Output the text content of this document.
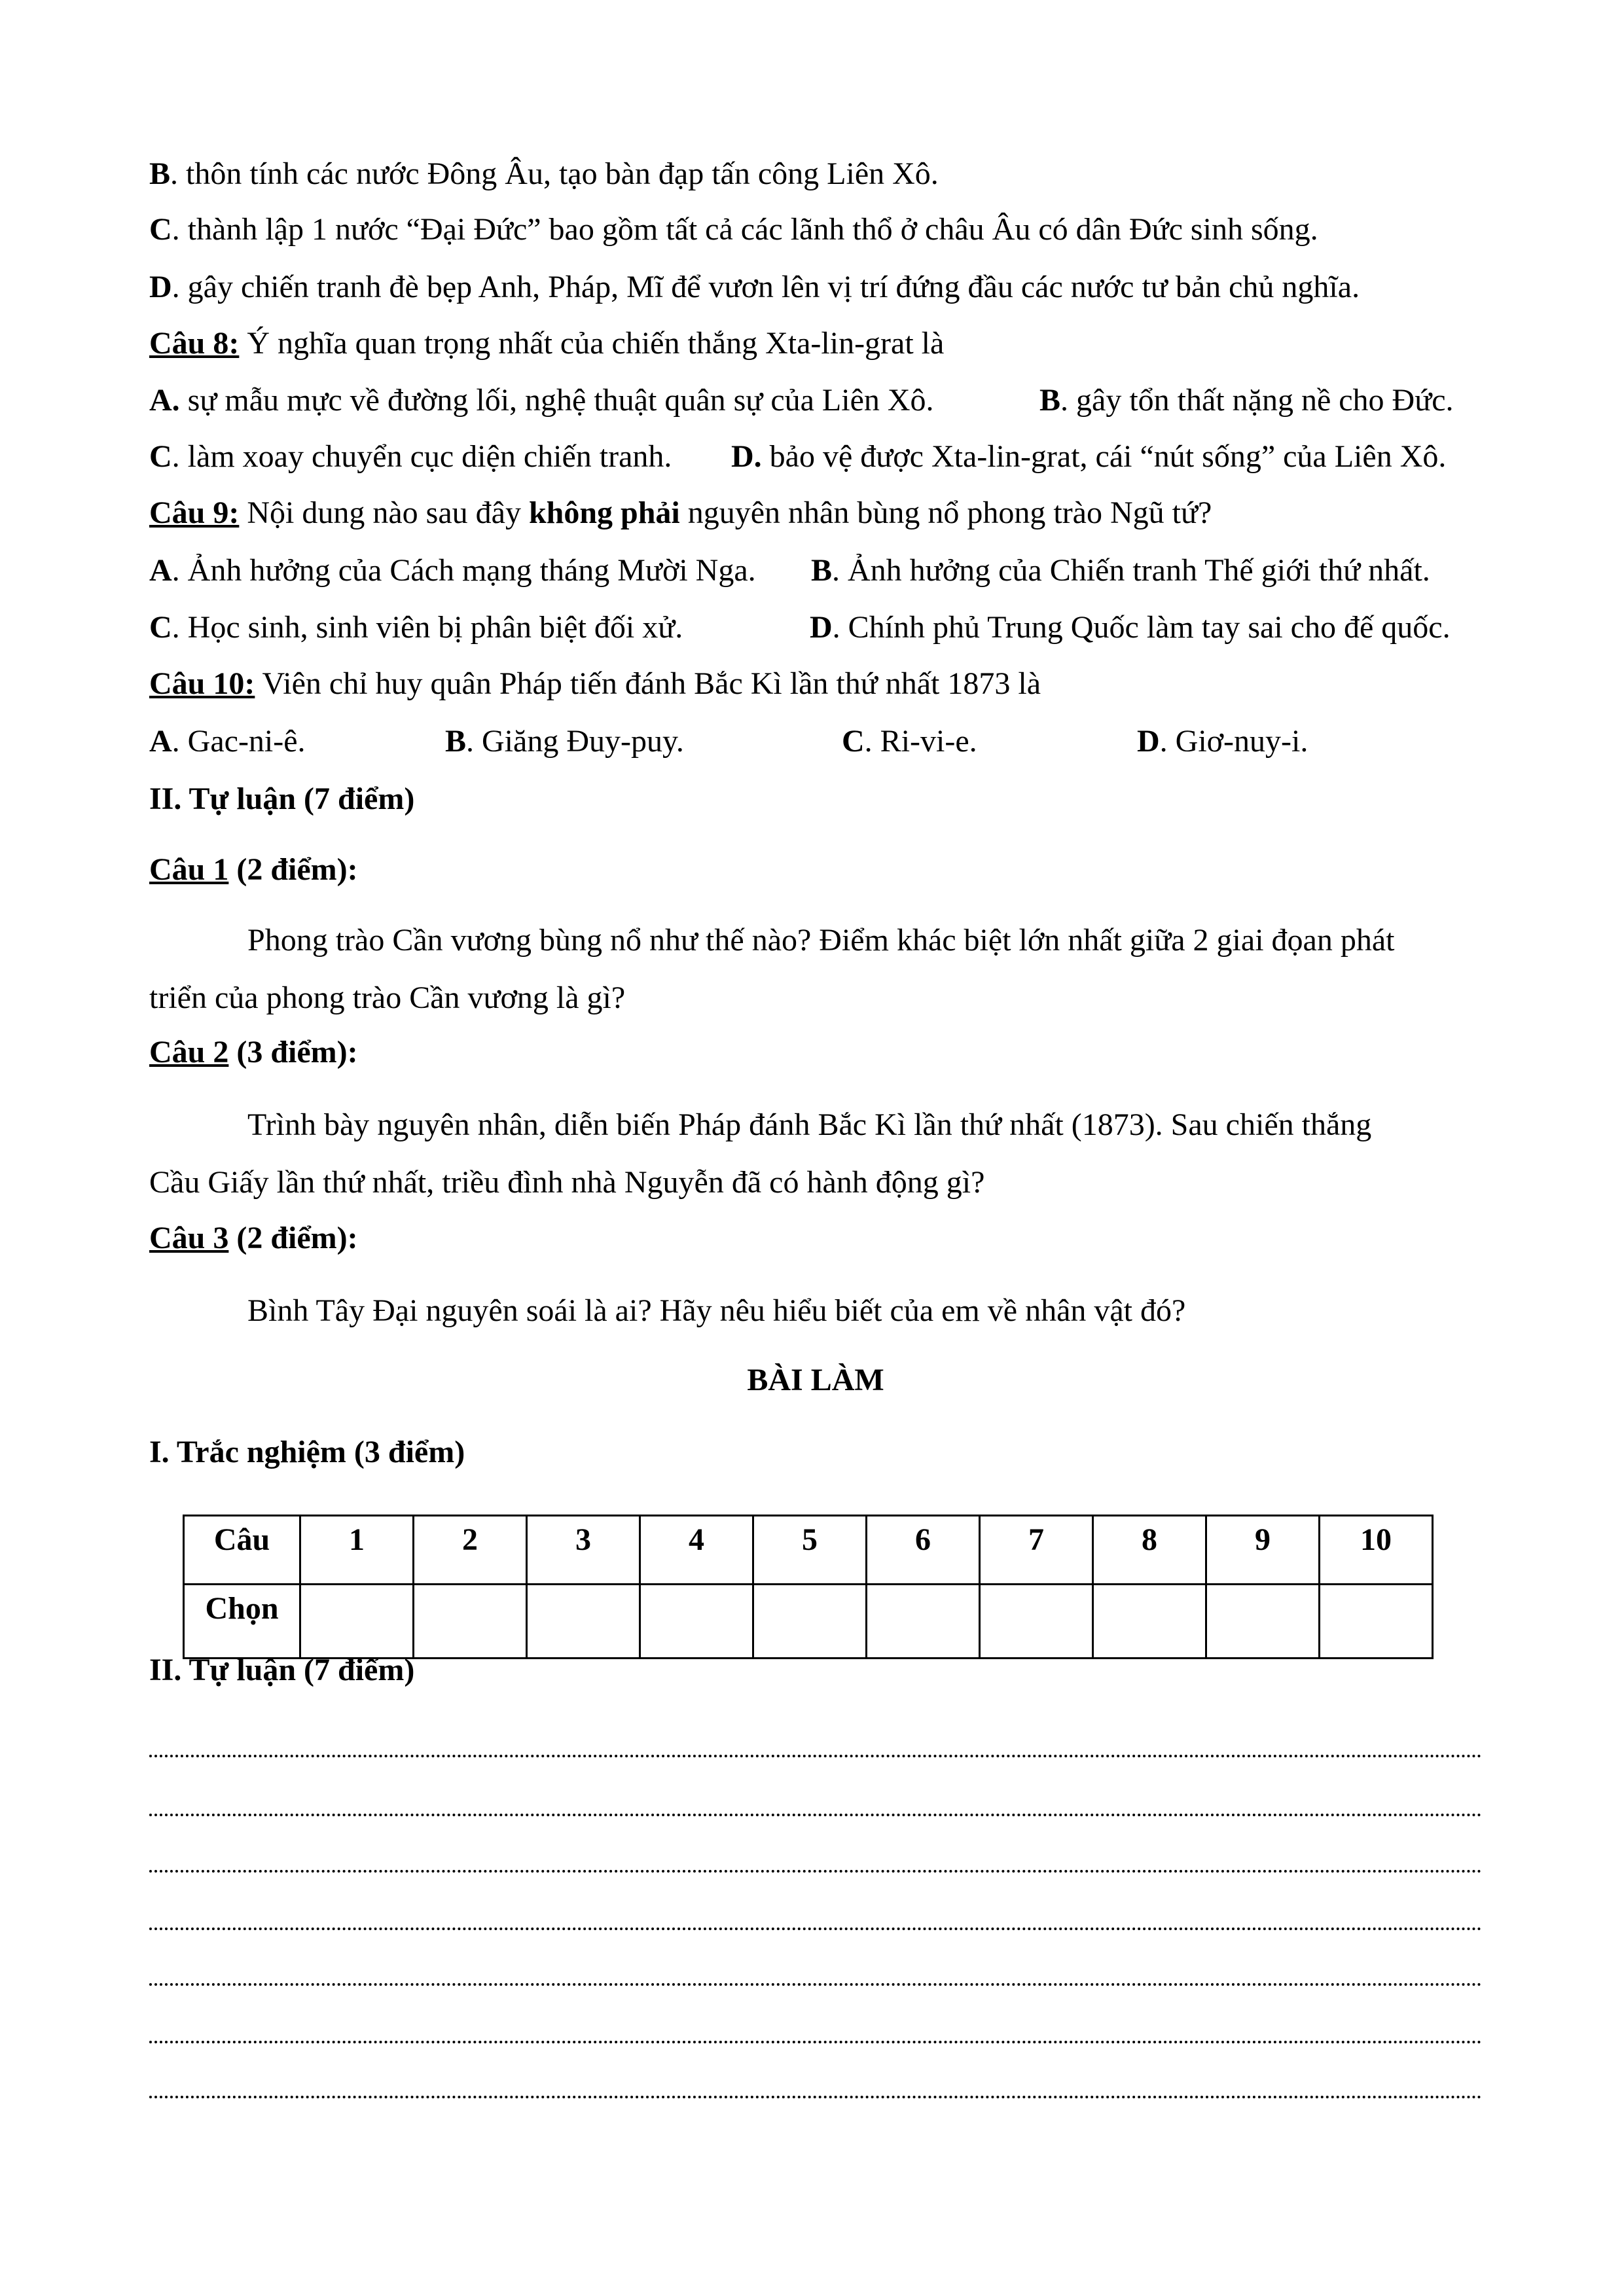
B. thôn tính các nước Đông Âu, tạo bàn đạp tấn công Liên Xô.
C. thành lập 1 nước “Đại Đức” bao gồm tất cả các lãnh thổ ở châu Âu có dân Đức sinh sống.
D. gây chiến tranh đè bẹp Anh, Pháp, Mĩ để vươn lên vị trí đứng đầu các nước tư bản chủ nghĩa.
Câu 8: Ý nghĩa quan trọng nhất của chiến thắng Xta-lin-grat là
A. sự mẫu mực về đường lối, nghệ thuật quân sự của Liên Xô.	B. gây tổn thất nặng nề cho Đức.
C. làm xoay chuyển cục diện chiến tranh. D. bảo vệ được Xta-lin-grat, cái “nút sống” của Liên Xô.
Câu 9: Nội dung nào sau đây không phải nguyên nhân bùng nổ phong trào Ngũ tứ?
A. Ảnh hưởng của Cách mạng tháng Mười Nga. B. Ảnh hưởng của Chiến tranh Thế giới thứ nhất.
C. Học sinh, sinh viên bị phân biệt đối xử.	D. Chính phủ Trung Quốc làm tay sai cho đế quốc.
Câu 10: Viên chỉ huy quân Pháp tiến đánh Bắc Kì lần thứ nhất 1873 là
A. Gac-ni-ê.	B. Giăng Đuy-puy.	C. Ri-vi-e.	D. Giơ-nuy-i.
II. Tự luận (7 điểm)
Câu 1 (2 điểm):
Phong trào Cần vương bùng nổ như thế nào? Điểm khác biệt lớn nhất giữa 2 giai đọan phát
triển của phong trào Cần vương là gì?
Câu 2 (3 điểm):
Trình bày nguyên nhân, diễn biến Pháp đánh Bắc Kì lần thứ nhất (1873). Sau chiến thắng
Cầu Giấy lần thứ nhất, triều đình nhà Nguyễn đã có hành động gì?
Câu 3 (2 điểm):
Bình Tây Đại nguyên soái là ai? Hãy nêu hiểu biết của em về nhân vật đó?
BÀI LÀM
I. Trắc nghiệm (3 điểm)
Câu	1	2	3	4	5	6	7	8	9	10
Chọn										
II. Tự luận (7 điểm)
